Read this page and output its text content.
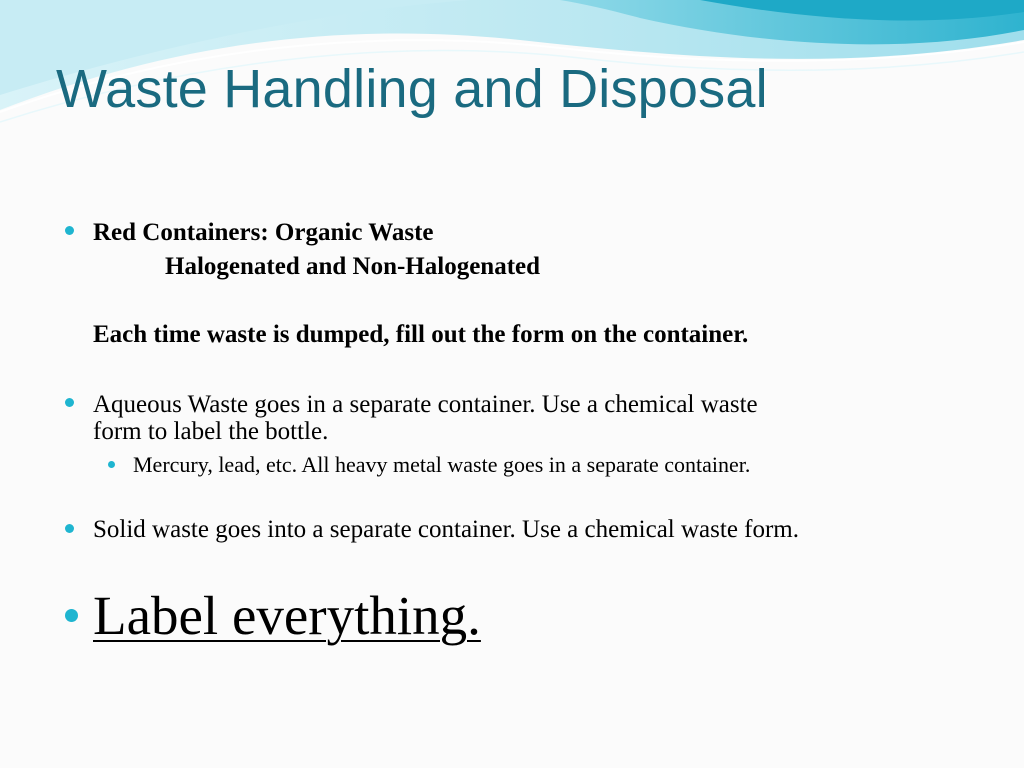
Waste Handling and Disposal

Red Containers: Organic Waste

Halogenated and Non-Halogenated

Each time waste is dumped, fill out the form on the container.

Aqueous Waste goes in a separate container. Use a chemical waste

form to label the bottle.

Mercury, lead, etc. All heavy metal waste goes in a separate container.

Solid waste goes into a separate container. Use a chemical waste form.

Label everything.
